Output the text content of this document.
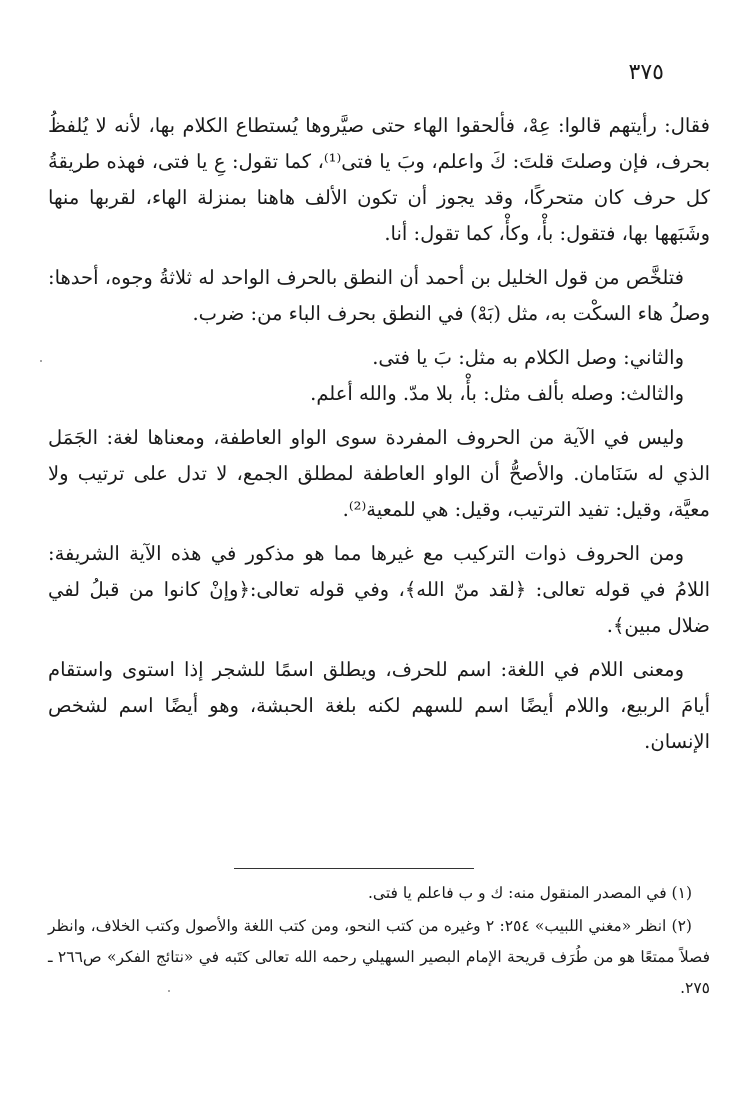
٣٧٥

فقال: رأيتهم قالوا: عِهْ، فألحقوا الهاء حتى صيَّروها يُستطاع الكلام بها، لأنه لا يُلفظُ بحرف، فإن وصلتَ قلتَ: كَ واعلم، وبَ يا فتى⁽¹⁾، كما تقول: عِ يا فتى، فهذه طريقةُ كل حرف كان متحركًا، وقد يجوز أن تكون الألف هاهنا بمنزلة الهاء، لقربها منها وشَبَهها بها، فتقول: بأْ، وكأْ، كما تقول: أنا.

فتلخَّص من قول الخليل بن أحمد أن النطق بالحرف الواحد له ثلاثةُ وجوه، أحدها: وصلُ هاء السكْت به، مثل (بَهْ) في النطق بحرف الباء من: ضرب.

والثاني: وصل الكلام به مثل: بَ يا فتى.

والثالث: وصله بألف مثل: بأْ، بلا مدّ. والله أعلم.

وليس في الآية من الحروف المفردة سوى الواو العاطفة، ومعناها لغة: الجَمَل الذي له سَنَامان. والأصحُّ أن الواو العاطفة لمطلق الجمع، لا تدل على ترتيب ولا معيَّة، وقيل: تفيد الترتيب، وقيل: هي للمعية⁽²⁾.

ومن الحروف ذوات التركيب مع غيرها مما هو مذكور في هذه الآية الشريفة: اللامُ في قوله تعالى: ﴿لقد منّ الله﴾، وفي قوله تعالى:﴿وإنْ كانوا من قبلُ لفي ضلال مبين﴾.

ومعنى اللام في اللغة: اسم للحرف، ويطلق اسمًا للشجر إذا استوى واستقام أيامَ الربيع، واللام أيضًا اسم للسهم لكنه بلغة الحبشة، وهو أيضًا اسم لشخص الإنسان.

(١) في المصدر المنقول منه: ك و ب فاعلم يا فتى.

(٢) انظر «مغني اللبيب» ٢٥٤: ٢ وغيره من كتب النحو، ومن كتب اللغة والأصول وكتب الخلاف، وانظر فصلاً ممتعًا هو من طُرَف قريحة الإمام البصير السهيلي رحمه الله تعالى كتَبه في «نتائج الفكر» ص٢٦٦ ـ ٢٧٥.
